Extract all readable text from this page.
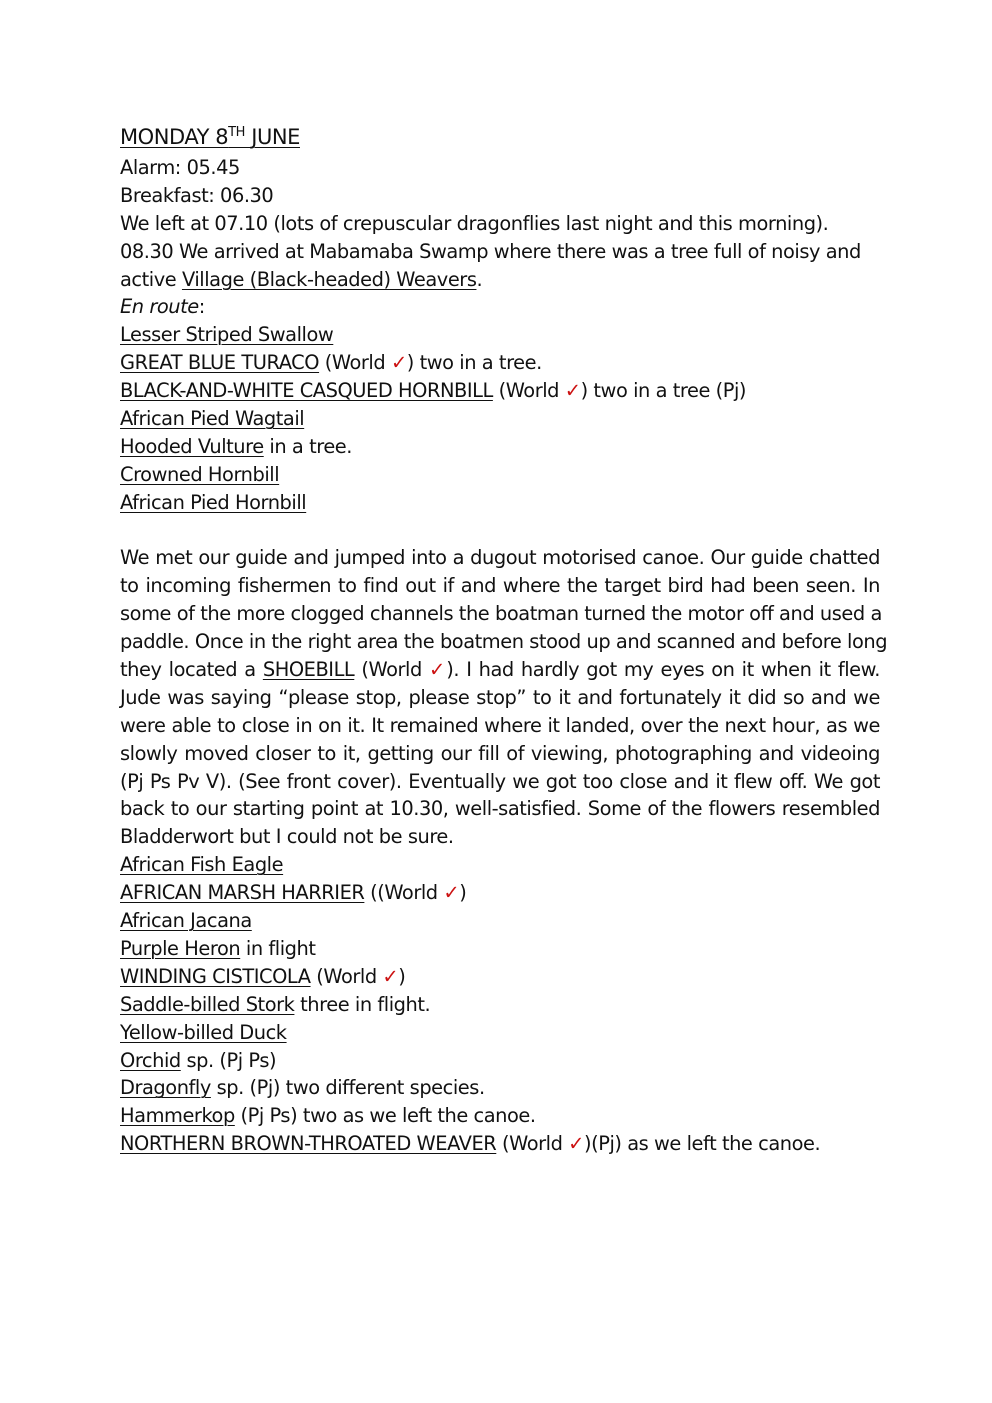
MONDAY 8TH JUNE
Alarm: 05.45
Breakfast: 06.30
We left at 07.10 (lots of crepuscular dragonflies last night and this morning).
08.30 We arrived at Mabamaba Swamp where there was a tree full of noisy and
active Village (Black-headed) Weavers.
En route:
Lesser Striped Swallow
GREAT BLUE TURACO (World ✓) two in a tree.
BLACK-AND-WHITE CASQUED HORNBILL (World ✓) two in a tree (Pj)
African Pied Wagtail
Hooded Vulture in a tree.
Crowned Hornbill
African Pied Hornbill
We met our guide and jumped into a dugout motorised canoe. Our guide chatted
to incoming fishermen to find out if and where the target bird had been seen. In
some of the more clogged channels the boatman turned the motor off and used a
paddle. Once in the right area the boatmen stood up and scanned and before long
they located a SHOEBILL (World ✓). I had hardly got my eyes on it when it flew.
Jude was saying “please stop, please stop” to it and fortunately it did so and we
were able to close in on it. It remained where it landed, over the next hour, as we
slowly moved closer to it, getting our fill of viewing, photographing and videoing
(Pj Ps Pv V). (See front cover). Eventually we got too close and it flew off. We got
back to our starting point at 10.30, well-satisfied. Some of the flowers resembled
Bladderwort but I could not be sure.
African Fish Eagle
AFRICAN MARSH HARRIER ((World ✓)
African Jacana
Purple Heron in flight
WINDING CISTICOLA (World ✓)
Saddle-billed Stork three in flight.
Yellow-billed Duck
Orchid sp. (Pj Ps)
Dragonfly sp. (Pj) two different species.
Hammerkop (Pj Ps) two as we left the canoe.
NORTHERN BROWN-THROATED WEAVER (World ✓)(Pj) as we left the canoe.
